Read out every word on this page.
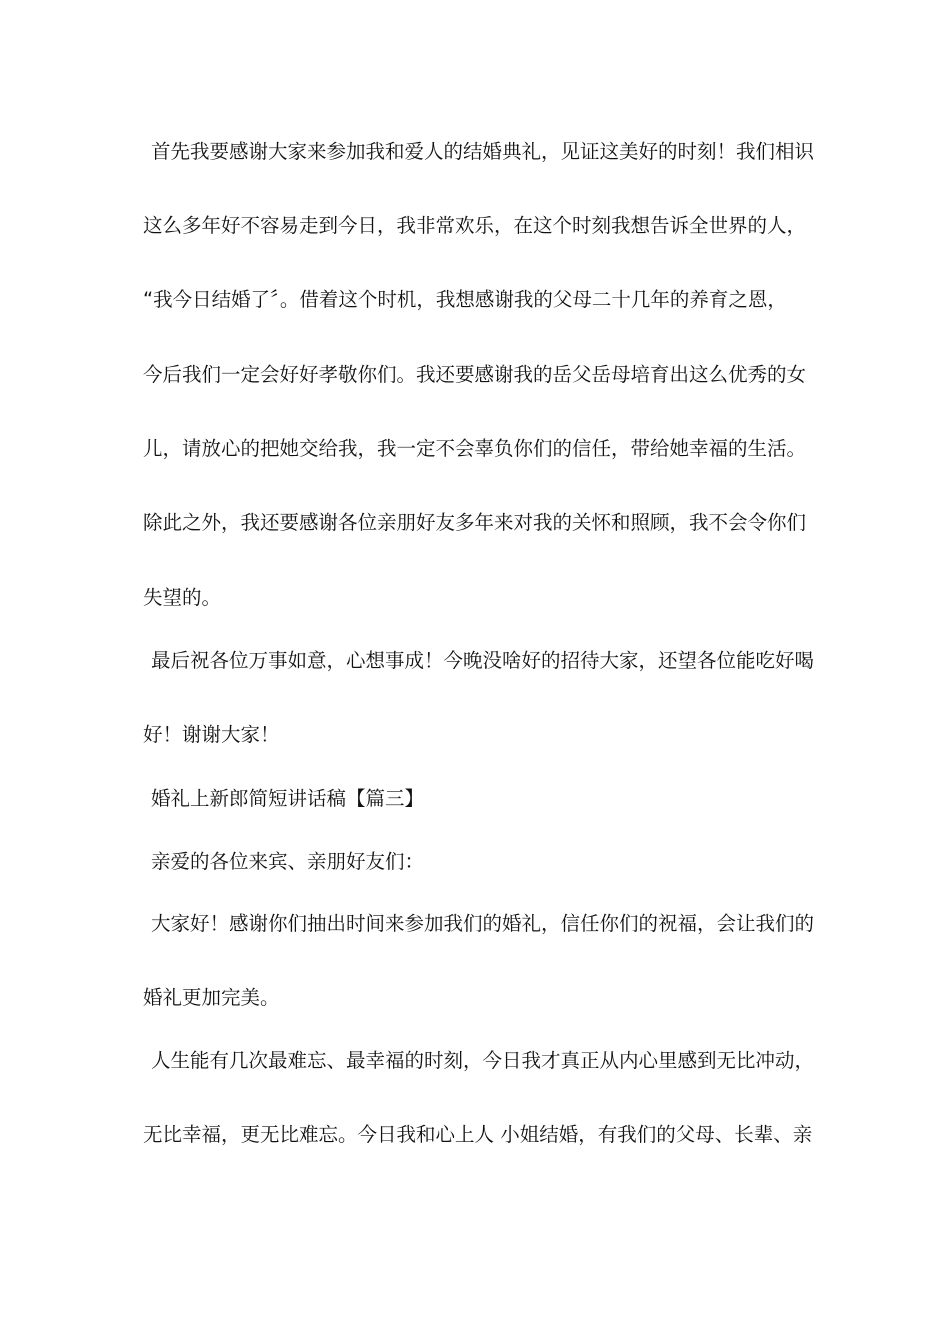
首先我要感谢大家来参加我和爱人的结婚典礼，见证这美好的时刻！我们相识
这么多年好不容易走到今日，我非常欢乐，在这个时刻我想告诉全世界的人，
“我今日结婚了〞。借着这个时机，我想感谢我的父母二十几年的养育之恩，
今后我们一定会好好孝敬你们。我还要感谢我的岳父岳母培育出这么优秀的女
儿，请放心的把她交给我，我一定不会辜负你们的信任，带给她幸福的生活。
除此之外，我还要感谢各位亲朋好友多年来对我的关怀和照顾，我不会令你们
失望的。
最后祝各位万事如意，心想事成！今晚没啥好的招待大家，还望各位能吃好喝
好！谢谢大家！
婚礼上新郎简短讲话稿【篇三】
亲爱的各位来宾、亲朋好友们：
大家好！感谢你们抽出时间来参加我们的婚礼，信任你们的祝福，会让我们的
婚礼更加完美。
人生能有几次最难忘、最幸福的时刻，今日我才真正从内心里感到无比冲动，
无比幸福，更无比难忘。今日我和心上人 小姐结婚，有我们的父母、长辈、亲
